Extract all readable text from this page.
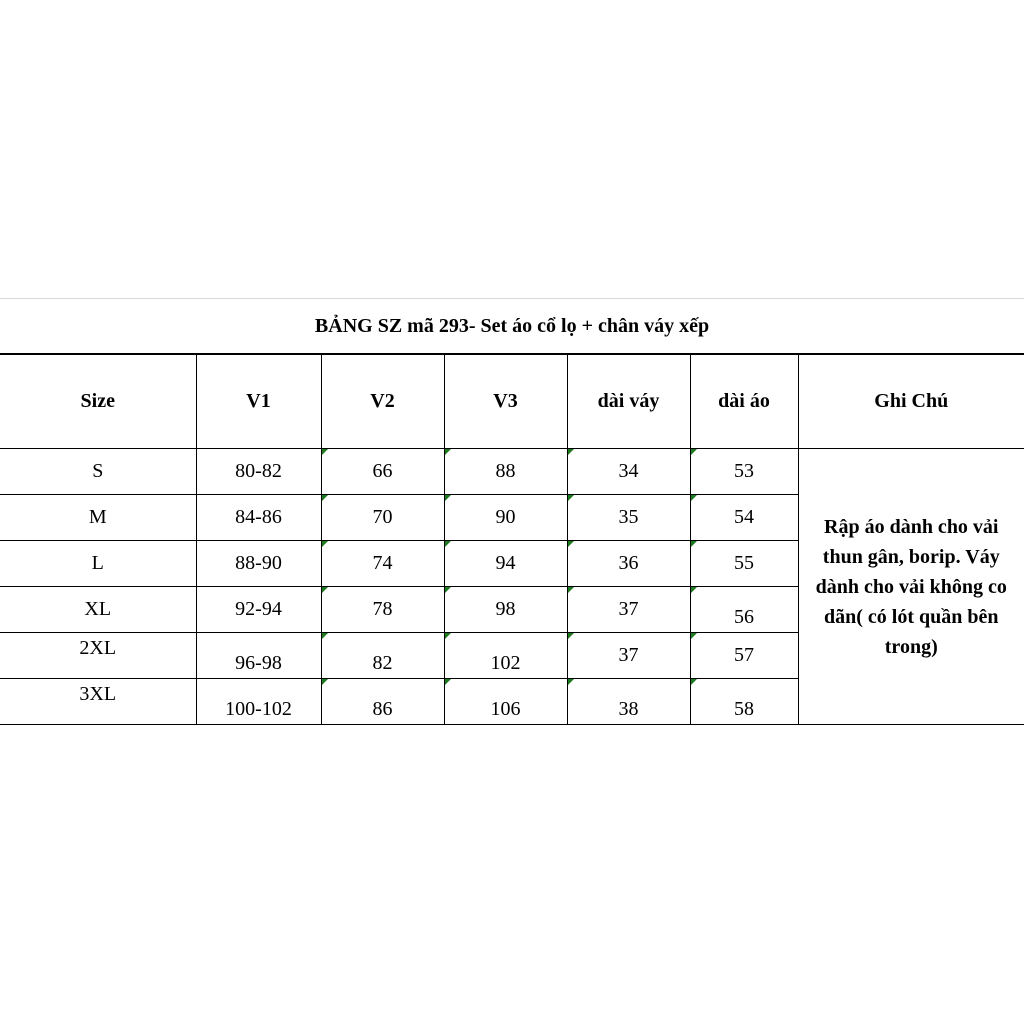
BẢNG SZ mã 293- Set áo cổ lọ + chân váy xếp
Size	V1	V2	V3	dài váy	dài áo	Ghi Chú
S	80-82	66	88	34	53	Rập áo dành cho vải thun gân, borip. Váy dành cho vải không co dãn( có lót quần bên trong)
M	84-86	70	90	35	54	
L	88-90	74	94	36	55	
XL	92-94	78	98	37	56	
2XL	96-98	82	102	37	57	
3XL	100-102	86	106	38	58	
